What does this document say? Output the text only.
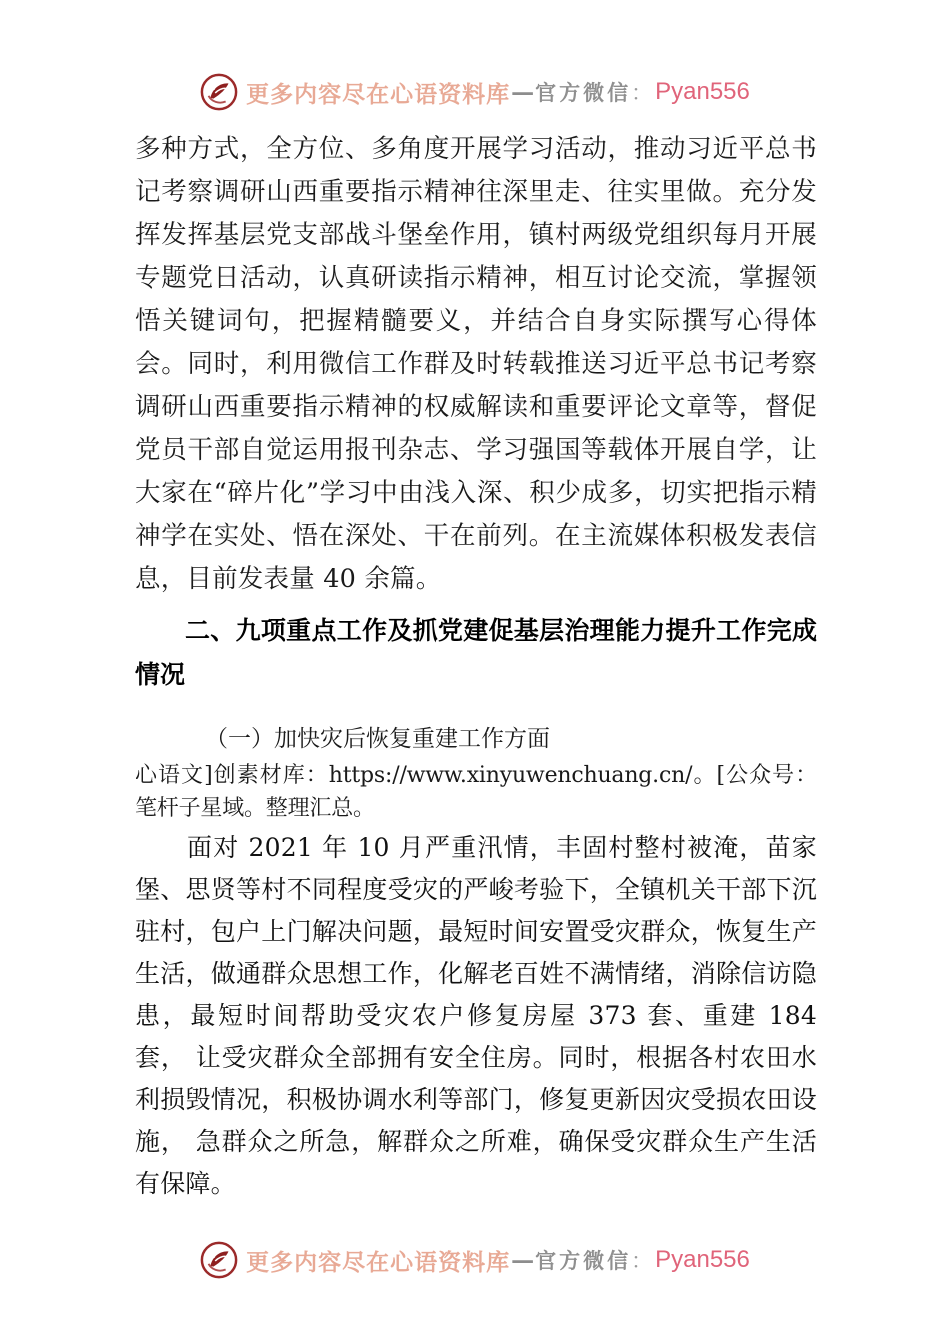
更多内容尽在心语资料库 — 官方微信 ： Pyan556

多种方式，全方位、多角度开展学习活动，推动习近平总书记考察调研山西重要指示精神往深里走、往实里做。充分发挥发挥基层党支部战斗堡垒作用，镇村两级党组织每月开展专题党日活动，认真研读指示精神，相互讨论交流，掌握领悟关键词句，把握精髓要义，并结合自身实际撰写心得体会。同时，利用微信工作群及时转载推送习近平总书记考察调研山西重要指示精神的权威解读和重要评论文章等，督促党员干部自觉运用报刊杂志、学习强国等载体开展自学，让大家在“碎片化”学习中由浅入深、积少成多，切实把指示精神学在实处、悟在深处、干在前列。在主流媒体积极发表信息，目前发表量 40 余篇。

二、九项重点工作及抓党建促基层治理能力提升工作完成情况

（一）加快灾后恢复重建工作方面

心语文]创素材库：https://www.xinyuwenchuang.cn/。[公众号：笔杆子星域。整理汇总。

面对 2021 年 10 月严重汛情，丰固村整村被淹，苗家堡、思贤等村不同程度受灾的严峻考验下，全镇机关干部下沉驻村，包户上门解决问题，最短时间安置受灾群众，恢复生产生活，做通群众思想工作，化解老百姓不满情绪，消除信访隐患，最短时间帮助受灾农户修复房屋 373 套、重建 184 套， 让受灾群众全部拥有安全住房。同时，根据各村农田水利损毁情况，积极协调水利等部门，修复更新因灾受损农田设施， 急群众之所急，解群众之所难，确保受灾群众生产生活有保障。

更多内容尽在心语资料库 — 官方微信 ： Pyan556
